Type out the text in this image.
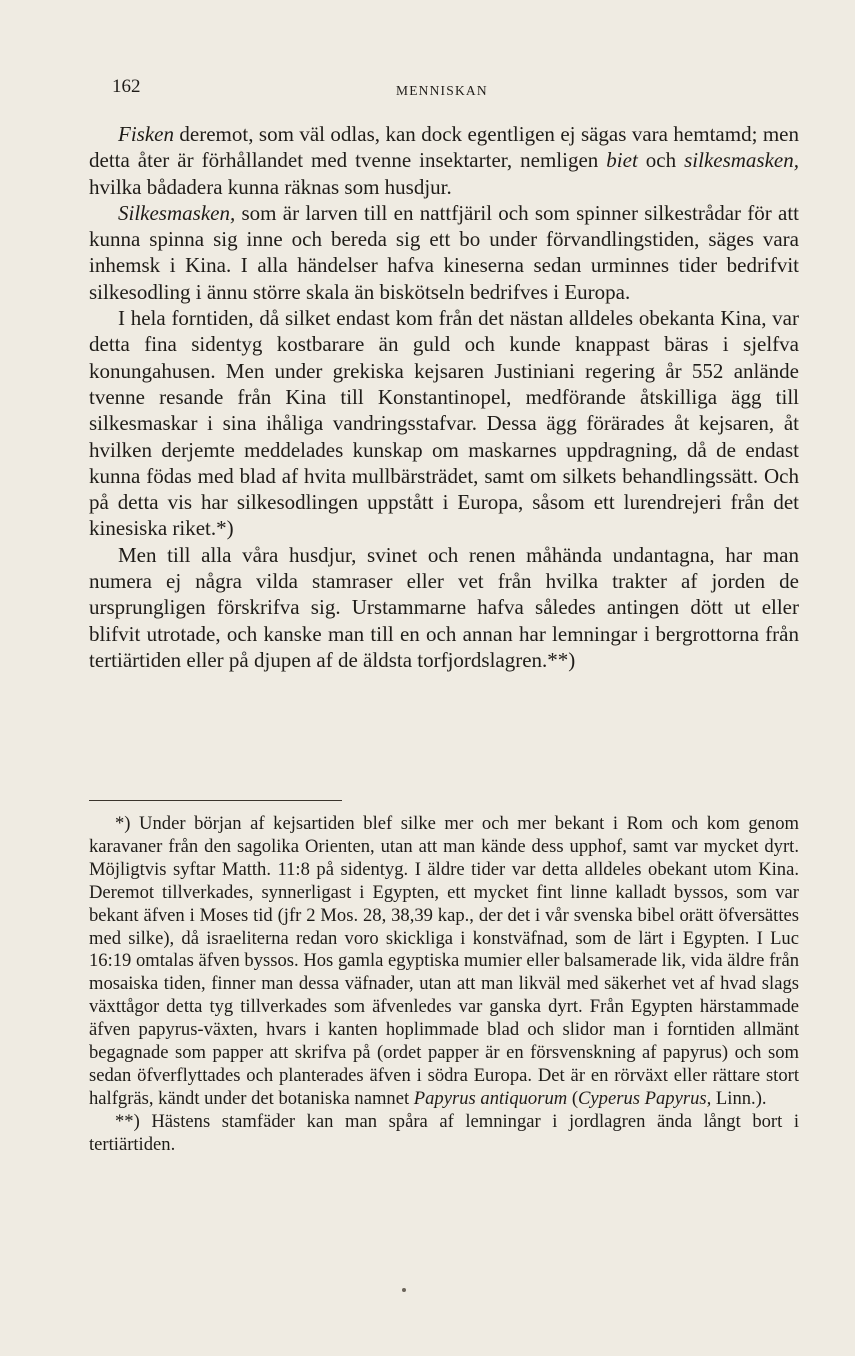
162	MENNISKAN

Fisken deremot, som väl odlas, kan dock egentligen ej sägas vara hemtamd; men detta åter är förhållandet med tvenne insektarter, nemligen biet och silkesmasken, hvilka bådadera kunna räknas som husdjur.

Silkesmasken, som är larven till en nattfjäril och som spinner silkestrådar för att kunna spinna sig inne och bereda sig ett bo under förvandlingstiden, säges vara inhemsk i Kina. I alla händelser hafva kineserna sedan urminnes tider bedrifvit silkesodling i ännu större skala än biskötseln bedrifves i Europa.

I hela forntiden, då silket endast kom från det nästan alldeles obekanta Kina, var detta fina sidentyg kostbarare än guld och kunde knappast bäras i sjelfva konungahusen. Men under grekiska kejsaren Justiniani regering år 552 anlände tvenne resande från Kina till Konstantinopel, medförande åtskilliga ägg till silkesmaskar i sina ihåliga vandringsstafvar. Dessa ägg förärades åt kejsaren, åt hvilken derjemte meddelades kunskap om maskarnes uppdragning, då de endast kunna födas med blad af hvita mullbärsträdet, samt om silkets behandlingssätt. Och på detta vis har silkesodlingen uppstått i Europa, såsom ett lurendrejeri från det kinesiska riket.*)

Men till alla våra husdjur, svinet och renen måhända undantagna, har man numera ej några vilda stamraser eller vet från hvilka trakter af jorden de ursprungligen förskrifva sig. Urstammarne hafva således antingen dött ut eller blifvit utrotade, och kanske man till en och annan har lemningar i bergrottorna från tertiärtiden eller på djupen af de äldsta torfjordslagren.**)

*) Under början af kejsartiden blef silke mer och mer bekant i Rom och kom genom karavaner från den sagolika Orienten, utan att man kände dess upphof, samt var mycket dyrt. Möjligtvis syftar Matth. 11:8 på sidentyg. I äldre tider var detta alldeles obekant utom Kina. Deremot tillverkades, synnerligast i Egypten, ett mycket fint linne kalladt byssos, som var bekant äfven i Moses tid (jfr 2 Mos. 28, 38,39 kap., der det i vår svenska bibel orätt öfversättes med silke), då israeliterna redan voro skickliga i konstväfnad, som de lärt i Egypten. I Luc 16:19 omtalas äfven byssos. Hos gamla egyptiska mumier eller balsamerade lik, vida äldre från mosaiska tiden, finner man dessa väfnader, utan att man likväl med säkerhet vet af hvad slags växttågor detta tyg tillverkades som äfvenledes var ganska dyrt. Från Egypten härstammade äfven papyrus-växten, hvars i kanten hoplimmade blad och slidor man i forntiden allmänt begagnade som papper att skrifva på (ordet papper är en försvenskning af papyrus) och som sedan öfverflyttades och planterades äfven i södra Europa. Det är en rörväxt eller rättare stort halfgräs, kändt under det botaniska namnet Papyrus antiquorum (Cyperus Papyrus, Linn.).

**) Hästens stamfäder kan man spåra af lemningar i jordlagren ända långt bort i tertiärtiden.
